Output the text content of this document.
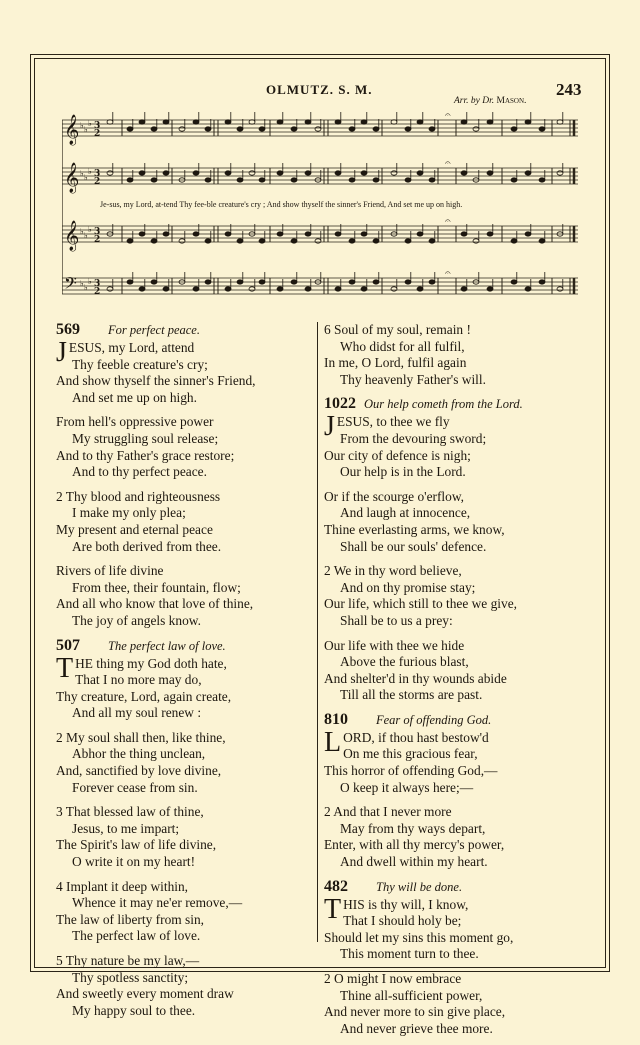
OLMUTZ. S. M.	243
Arr. by Dr. Mason.
𝄞
𝄞
𝄞
𝄢
♭ ♭
♭
♭ ♭
♭
♭ ♭
♭
♭ ♭
♭
3
2
3
2
3
2
3
2
𝄐
𝄐
𝄐
𝄐
Je-sus, my Lord, at-tend Thy fee-ble creature's cry ; And show thyself the sinner's Friend, And set me up on high.
569	For perfect peace.
J ESUS, my Lord, attend
Thy feeble creature's cry;
And show thyself the sinner's Friend,
And set me up on high.
From hell's oppressive power
My struggling soul release;
And to thy Father's grace restore;
And to thy perfect peace.
2 Thy blood and righteousness
I make my only plea;
My present and eternal peace
Are both derived from thee.
Rivers of life divine
From thee, their fountain, flow;
And all who know that love of thine,
The joy of angels know.
507	The perfect law of love.
T HE thing my God doth hate,
That I no more may do,
Thy creature, Lord, again create,
And all my soul renew :
2 My soul shall then, like thine,
Abhor the thing unclean,
And, sanctified by love divine,
Forever cease from sin.
3 That blessed law of thine,
Jesus, to me impart;
The Spirit's law of life divine,
O write it on my heart!
4 Implant it deep within,
Whence it may ne'er remove,—
The law of liberty from sin,
The perfect law of love.
5 Thy nature be my law,—
Thy spotless sanctity;
And sweetly every moment draw
My happy soul to thee.
6 Soul of my soul, remain !
Who didst for all fulfil,
In me, O Lord, fulfil again
Thy heavenly Father's will.
1022 Our help cometh from the Lord.
J ESUS, to thee we fly
From the devouring sword;
Our city of defence is nigh;
Our help is in the Lord.
Or if the scourge o'erflow,
And laugh at innocence,
Thine everlasting arms, we know,
Shall be our souls' defence.
2 We in thy word believe,
And on thy promise stay;
Our life, which still to thee we give,
Shall be to us a prey:
Our life with thee we hide
Above the furious blast,
And shelter'd in thy wounds abide
Till all the storms are past.
810	Fear of offending God.
L ORD, if thou hast bestow'd
On me this gracious fear,
This horror of offending God,—
O keep it always here;—
2 And that I never more
May from thy ways depart,
Enter, with all thy mercy's power,
And dwell within my heart.
482	Thy will be done.
T HIS is thy will, I know,
That I should holy be;
Should let my sins this moment go,
This moment turn to thee.
2 O might I now embrace
Thine all-sufficient power,
And never more to sin give place,
And never grieve thee more.
